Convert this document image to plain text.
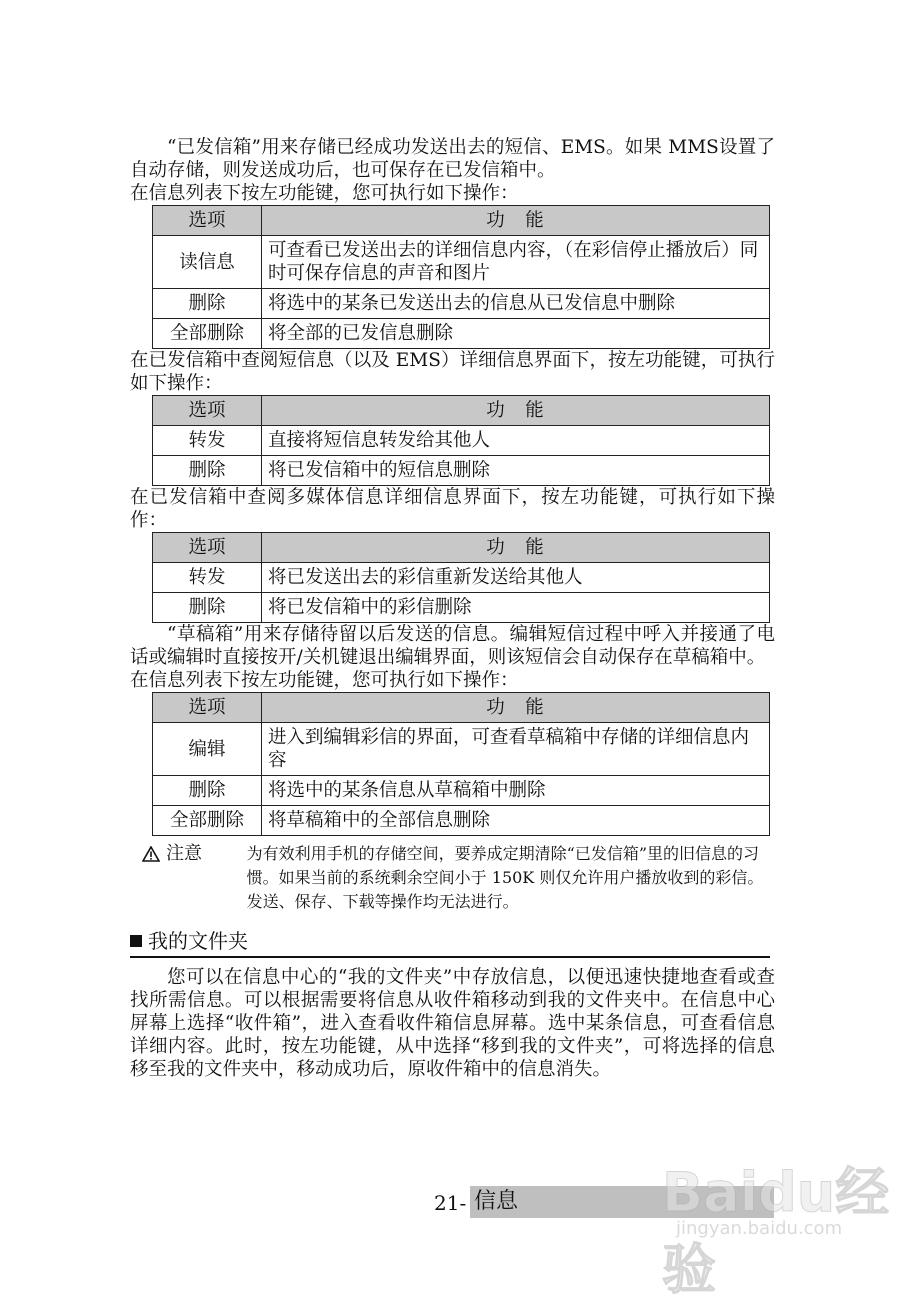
“已发信箱”用来存储已经成功发送出去的短信、EMS。如果 MMS设置了自动存储，则发送成功后，也可保存在已发信箱中。

在信息列表下按左功能键，您可执行如下操作：

选项	功　能
读信息	可查看已发送出去的详细信息内容，（在彩信停止播放后）同时可保存信息的声音和图片
删除	将选中的某条已发送出去的信息从已发信息中删除
全部删除	将全部的已发信息删除

在已发信箱中查阅短信息（以及 EMS）详细信息界面下，按左功能键，可执行如下操作：

选项	功　能
转发	直接将短信息转发给其他人
删除	将已发信箱中的短信息删除

在已发信箱中查阅多媒体信息详细信息界面下，按左功能键，可执行如下操作：

选项	功　能
转发	将已发送出去的彩信重新发送给其他人
删除	将已发信箱中的彩信删除

“草稿箱”用来存储待留以后发送的信息。编辑短信过程中呼入并接通了电话或编辑时直接按开/关机键退出编辑界面，则该短信会自动保存在草稿箱中。

在信息列表下按左功能键，您可执行如下操作：

选项	功　能
编辑	进入到编辑彩信的界面，可查看草稿箱中存储的详细信息内容
删除	将选中的某条信息从草稿箱中删除
全部删除	将草稿箱中的全部信息删除
注意	为有效利用手机的存储空间，要养成定期清除“已发信箱”里的旧信息的习惯。如果当前的系统剩余空间小于 150K 则仅允许用户播放收到的彩信。发送、保存、下载等操作均无法进行。
我的文件夹

您可以在信息中心的“我的文件夹”中存放信息，以便迅速快捷地查看或查找所需信息。可以根据需要将信息从收件箱移动到我的文件夹中。在信息中心屏幕上选择“收件箱”，进入查看收件箱信息屏幕。选中某条信息，可查看信息详细内容。此时，按左功能键，从中选择“移到我的文件夹”，可将选择的信息移至我的文件夹中，移动成功后，原收件箱中的信息消失。

21- 信息	Baidu经验
jingyan.baidu.com
